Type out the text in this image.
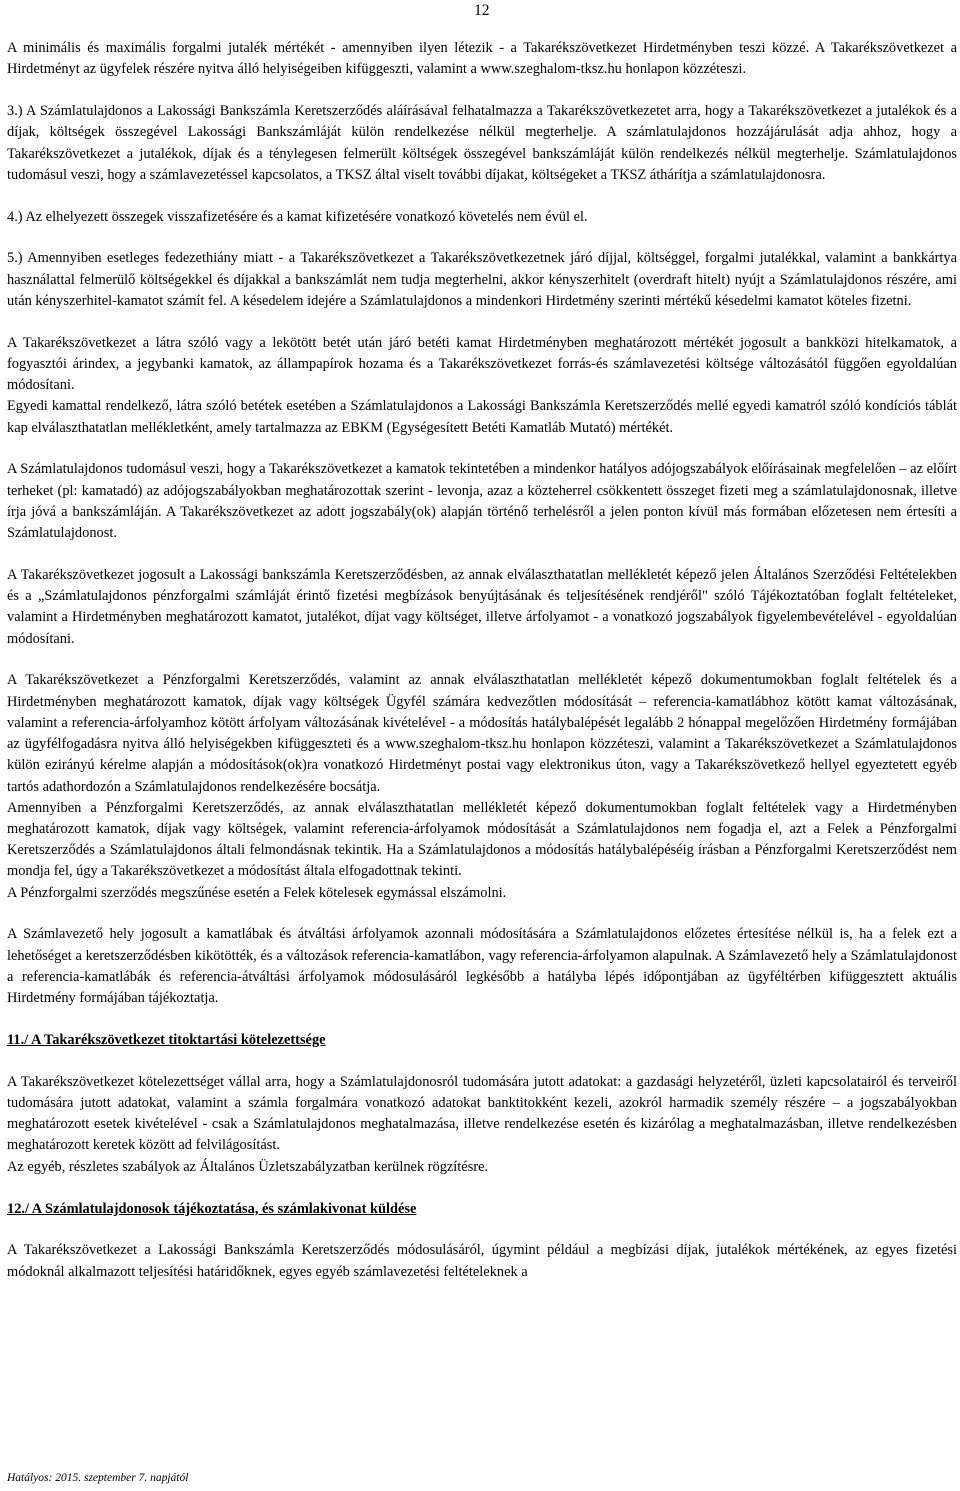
12

A minimális és maximális forgalmi jutalék mértékét - amennyiben ilyen létezik - a Takarékszövetkezet Hirdetményben teszi közzé. A Takarékszövetkezet a Hirdetményt az ügyfelek részére nyitva álló helyiségeiben kifüggeszti, valamint a www.szeghalom-tksz.hu honlapon közzéteszi.

3.) A Számlatulajdonos a Lakossági Bankszámla Keretszerződés aláírásával felhatalmazza a Takarékszövetkezetet arra, hogy a Takarékszövetkezet a jutalékok és a díjak, költségek összegével Lakossági Bankszámláját külön rendelkezése nélkül megterhelje. A számlatulajdonos hozzájárulását adja ahhoz, hogy a Takarékszövetkezet a jutalékok, díjak és a ténylegesen felmerült költségek összegével bankszámláját külön rendelkezés nélkül megterhelje. Számlatulajdonos tudomásul veszi, hogy a számlavezetéssel kapcsolatos, a TKSZ által viselt további díjakat, költségeket a TKSZ áthárítja a számlatulajdonosra.

4.) Az elhelyezett összegek visszafizetésére és a kamat kifizetésére vonatkozó követelés nem évül el.

5.) Amennyiben esetleges fedezethiány miatt - a Takarékszövetkezet a Takarékszövetkezetnek járó díjjal, költséggel, forgalmi jutalékkal, valamint a bankkártya használattal felmerülő költségekkel és díjakkal a bankszámlát nem tudja megterhelni, akkor kényszerhitelt (overdraft hitelt) nyújt a Számlatulajdonos részére, ami után kényszerhitel-kamatot számít fel. A késedelem idejére a Számlatulajdonos a mindenkori Hirdetmény szerinti mértékű késedelmi kamatot köteles fizetni.

A Takarékszövetkezet a látra szóló vagy a lekötött betét után járó betéti kamat Hirdetményben meghatározott mértékét jogosult a bankközi hitelkamatok, a fogyasztói árindex, a jegybanki kamatok, az állampapírok hozama és a Takarékszövetkezet forrás-és számlavezetési költsége változásától függően egyoldalúan módosítani.

Egyedi kamattal rendelkező, látra szóló betétek esetében a Számlatulajdonos a Lakossági Bankszámla Keretszerződés mellé egyedi kamatról szóló kondíciós táblát kap elválaszthatatlan mellékletként, amely tartalmazza az EBKM (Egységesített Betéti Kamatláb Mutató) mértékét.

A Számlatulajdonos tudomásul veszi, hogy a Takarékszövetkezet a kamatok tekintetében a mindenkor hatályos adójogszabályok előírásainak megfelelően – az előírt terheket (pl: kamatadó) az adójogszabályokban meghatározottak szerint - levonja, azaz a közteherrel csökkentett összeget fizeti meg a számlatulajdonosnak, illetve írja jóvá a bankszámláján. A Takarékszövetkezet az adott jogszabály(ok) alapján történő terhelésről a jelen ponton kívül más formában előzetesen nem értesíti a Számlatulajdonost.

A Takarékszövetkezet jogosult a Lakossági bankszámla Keretszerződésben, az annak elválaszthatatlan mellékletét képező jelen Általános Szerződési Feltételekben és a „Számlatulajdonos pénzforgalmi számláját érintő fizetési megbízások benyújtásának és teljesítésének rendjéről" szóló Tájékoztatóban foglalt feltételeket, valamint a Hirdetményben meghatározott kamatot, jutalékot, díjat vagy költséget, illetve árfolyamot - a vonatkozó jogszabályok figyelembevételével - egyoldalúan módosítani.

A Takarékszövetkezet a Pénzforgalmi Keretszerződés, valamint az annak elválaszthatatlan mellékletét képező dokumentumokban foglalt feltételek és a Hirdetményben meghatározott kamatok, díjak vagy költségek Ügyfél számára kedvezőtlen módosítását – referencia-kamatlábhoz kötött kamat változásának, valamint a referencia-árfolyamhoz kötött árfolyam változásának kivételével - a módosítás hatálybalépését legalább 2 hónappal megelőzően Hirdetmény formájában az ügyfélfogadásra nyitva álló helyiségekben kifüggeszteti és a www.szeghalom-tksz.hu honlapon közzéteszi, valamint a Takarékszövetkezet a Számlatulajdonos külön ezirányú kérelme alapján a módosítások(ok)ra vonatkozó Hirdetményt postai vagy elektronikus úton, vagy a Takarékszövetkező hellyel egyeztetett egyéb tartós adathordozón a Számlatulajdonos rendelkezésére bocsátja.

Amennyiben a Pénzforgalmi Keretszerződés, az annak elválaszthatatlan mellékletét képező dokumentumokban foglalt feltételek vagy a Hirdetményben meghatározott kamatok, díjak vagy költségek, valamint referencia-árfolyamok módosítását a Számlatulajdonos nem fogadja el, azt a Felek a Pénzforgalmi Keretszerződés a Számlatulajdonos általi felmondásnak tekintik. Ha a Számlatulajdonos a módosítás hatálybalépéséig írásban a Pénzforgalmi Keretszerződést nem mondja fel, úgy a Takarékszövetkezet a módosítást általa elfogadottnak tekinti.

A Pénzforgalmi szerződés megszűnése esetén a Felek kötelesek egymással elszámolni.

A Számlavezető hely jogosult a kamatlábak és átváltási árfolyamok azonnali módosítására a Számlatulajdonos előzetes értesítése nélkül is, ha a felek ezt a lehetőséget a keretszerződésben kikötötték, és a változások referencia-kamatlábon, vagy referencia-árfolyamon alapulnak. A Számlavezető hely a Számlatulajdonost a referencia-kamatlábák és referencia-átváltási árfolyamok módosulásáról legkésőbb a hatályba lépés időpontjában az ügyféltérben kifüggesztett aktuális Hirdetmény formájában tájékoztatja.

11./ A Takarékszövetkezet titoktartási kötelezettsége

A Takarékszövetkezet kötelezettséget vállal arra, hogy a Számlatulajdonosról tudomására jutott adatokat: a gazdasági helyzetéről, üzleti kapcsolatairól és terveiről tudomására jutott adatokat, valamint a számla forgalmára vonatkozó adatokat banktitokként kezeli, azokról harmadik személy részére – a jogszabályokban meghatározott esetek kivételével - csak a Számlatulajdonos meghatalmazása, illetve rendelkezése esetén és kizárólag a meghatalmazásban, illetve rendelkezésben meghatározott keretek között ad felvilágosítást.

Az egyéb, részletes szabályok az Általános Üzletszabályzatban kerülnek rögzítésre.

12./ A Számlatulajdonosok tájékoztatása, és számlakivonat küldése

A Takarékszövetkezet a Lakossági Bankszámla Keretszerződés módosulásáról, úgymint például a megbízási díjak, jutalékok mértékének, az egyes fizetési módoknál alkalmazott teljesítési határidőknek, egyes egyéb számlavezetési feltételeknek a

Hatályos: 2015. szeptember 7. napjától
